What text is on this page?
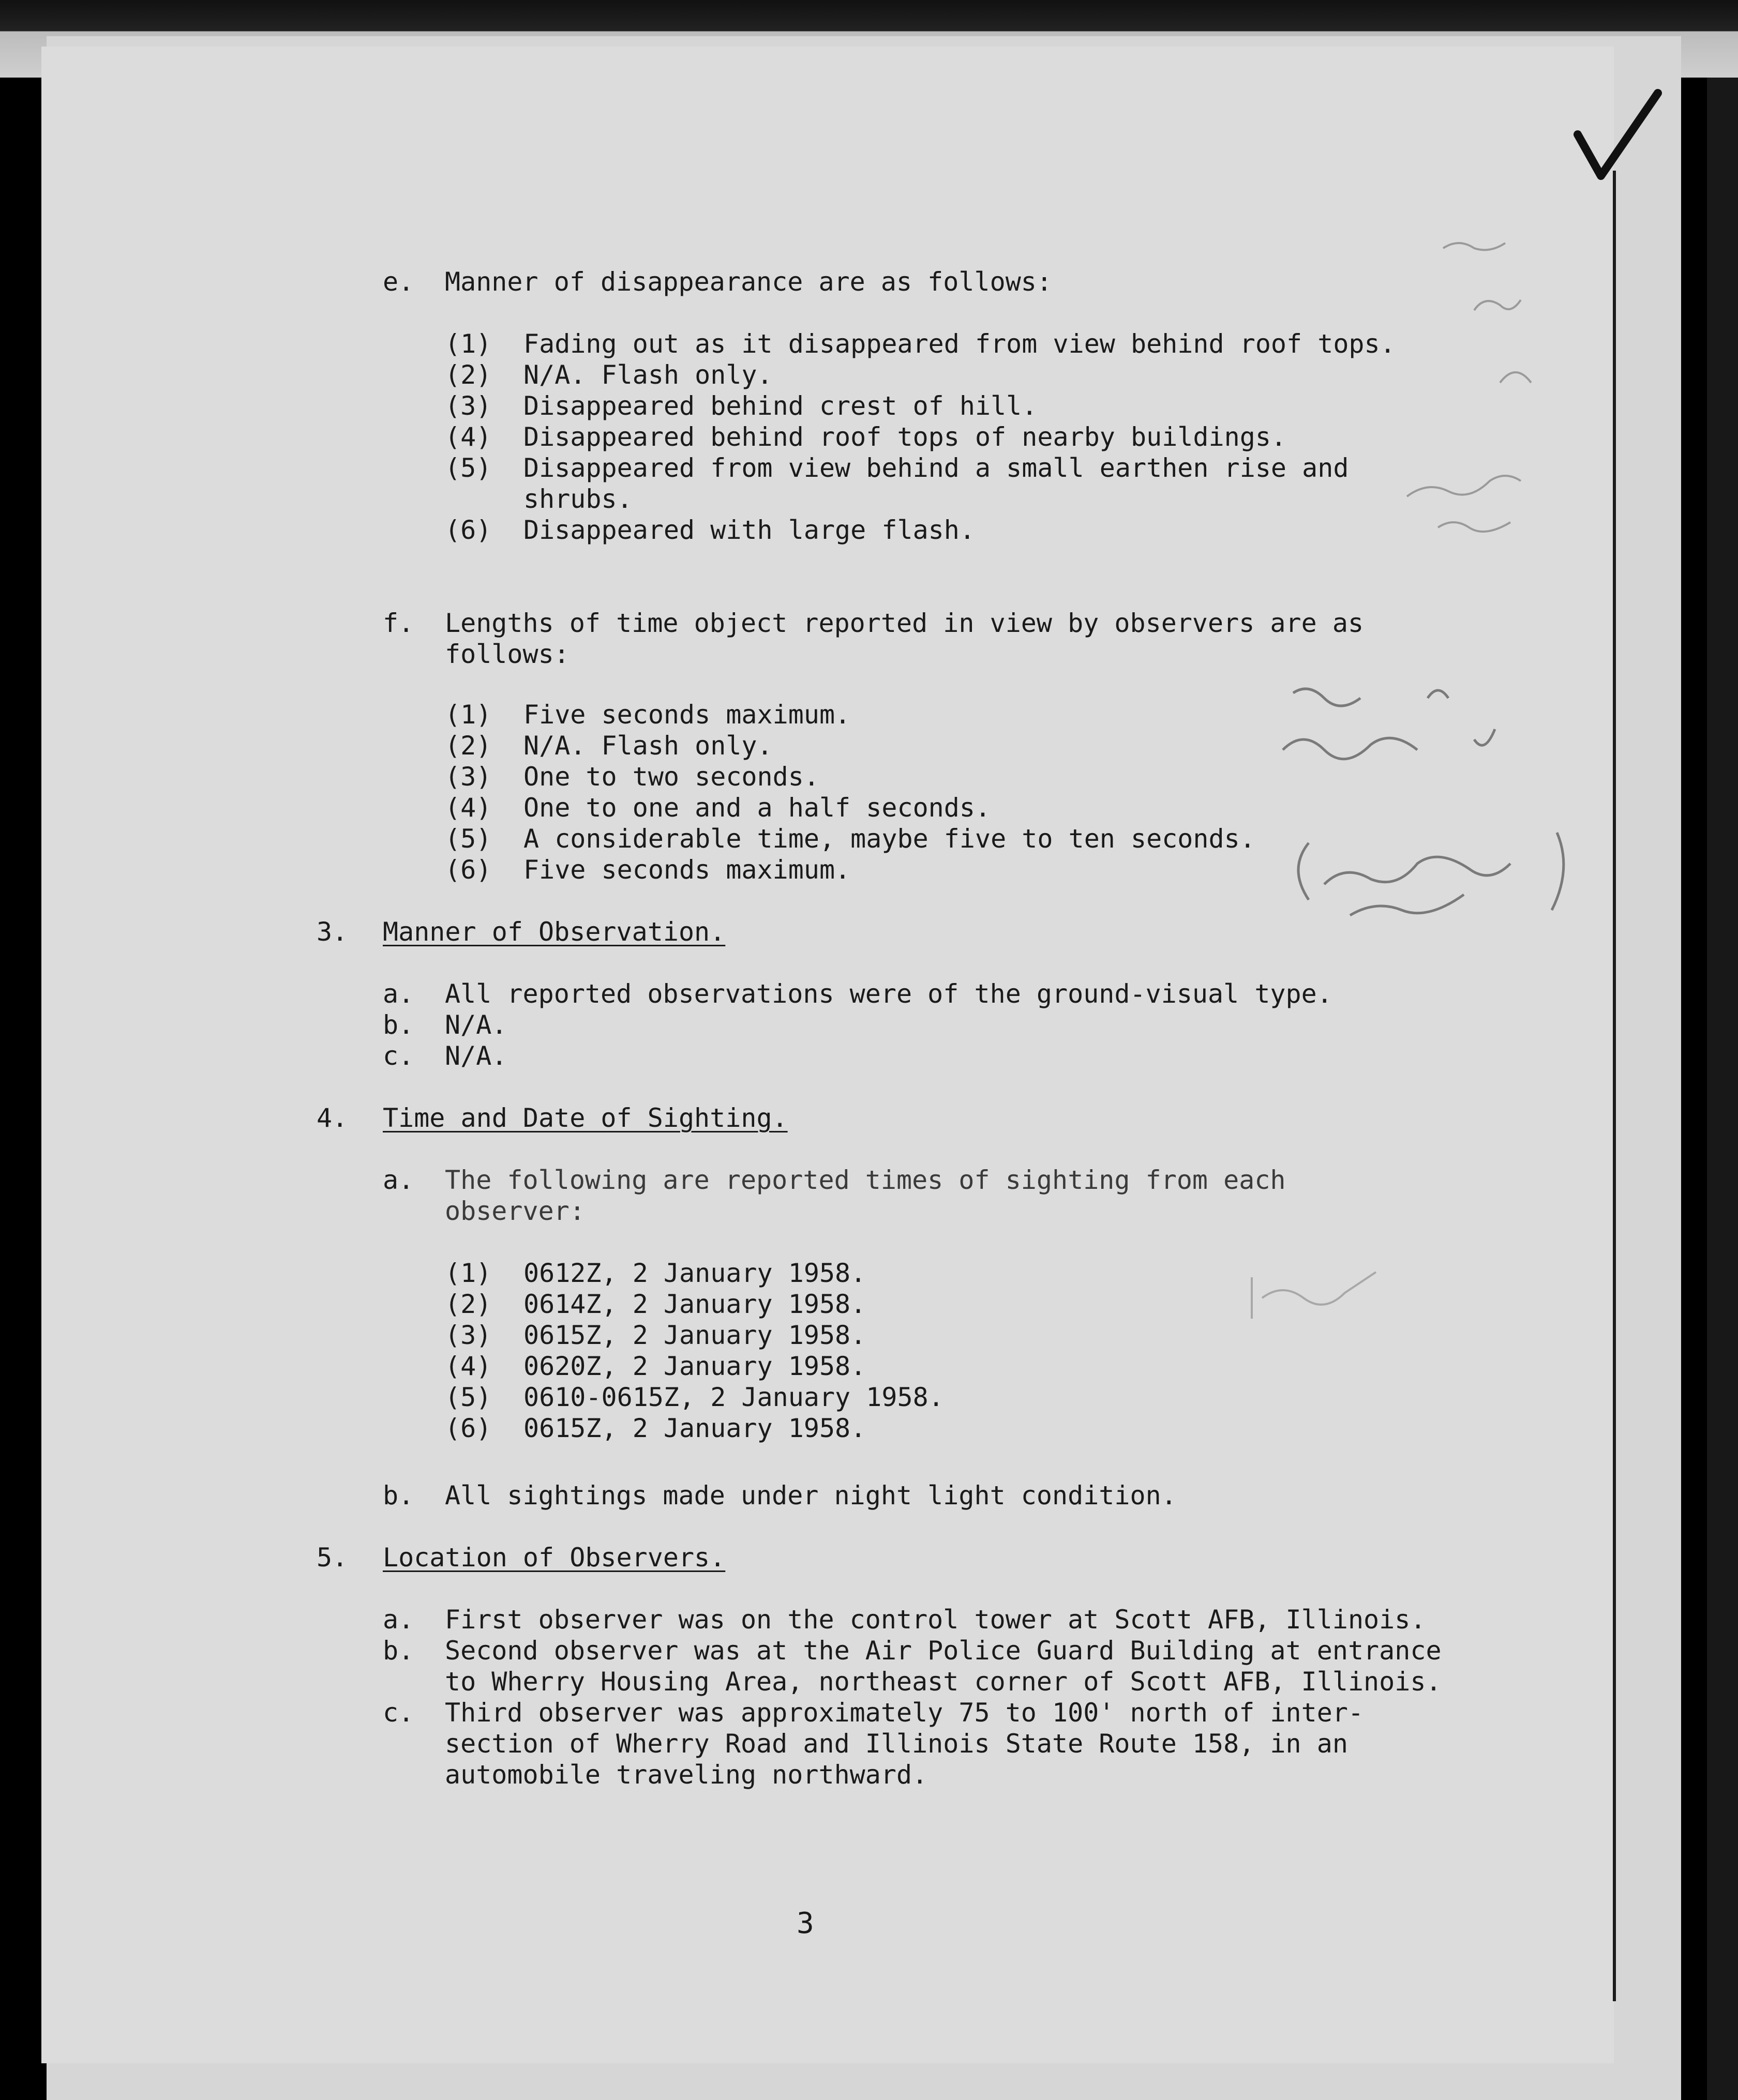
e. Manner of disappearance are as follows:
(1) Fading out as it disappeared from view behind roof tops.
(2) N/A. Flash only.
(3) Disappeared behind crest of hill.
(4) Disappeared behind roof tops of nearby buildings.
(5) Disappeared from view behind a small earthen rise and
shrubs.
(6) Disappeared with large flash.
f. Lengths of time object reported in view by observers are as
follows:
(1) Five seconds maximum.
(2) N/A. Flash only.
(3) One to two seconds.
(4) One to one and a half seconds.
(5) A considerable time, maybe five to ten seconds.
(6) Five seconds maximum.
3. Manner of Observation.
a. All reported observations were of the ground-visual type.
b. N/A.
c. N/A.
4. Time and Date of Sighting.
a. The following are reported times of sighting from each
observer:
(1) 0612Z, 2 January 1958.
(2) 0614Z, 2 January 1958.
(3) 0615Z, 2 January 1958.
(4) 0620Z, 2 January 1958.
(5) 0610-0615Z, 2 January 1958.
(6) 0615Z, 2 January 1958.
b. All sightings made under night light condition.
5. Location of Observers.
a. First observer was on the control tower at Scott AFB, Illinois.
b. Second observer was at the Air Police Guard Building at entrance
to Wherry Housing Area, northeast corner of Scott AFB, Illinois.
c. Third observer was approximately 75 to 100' north of inter-
section of Wherry Road and Illinois State Route 158, in an
automobile traveling northward.
3
